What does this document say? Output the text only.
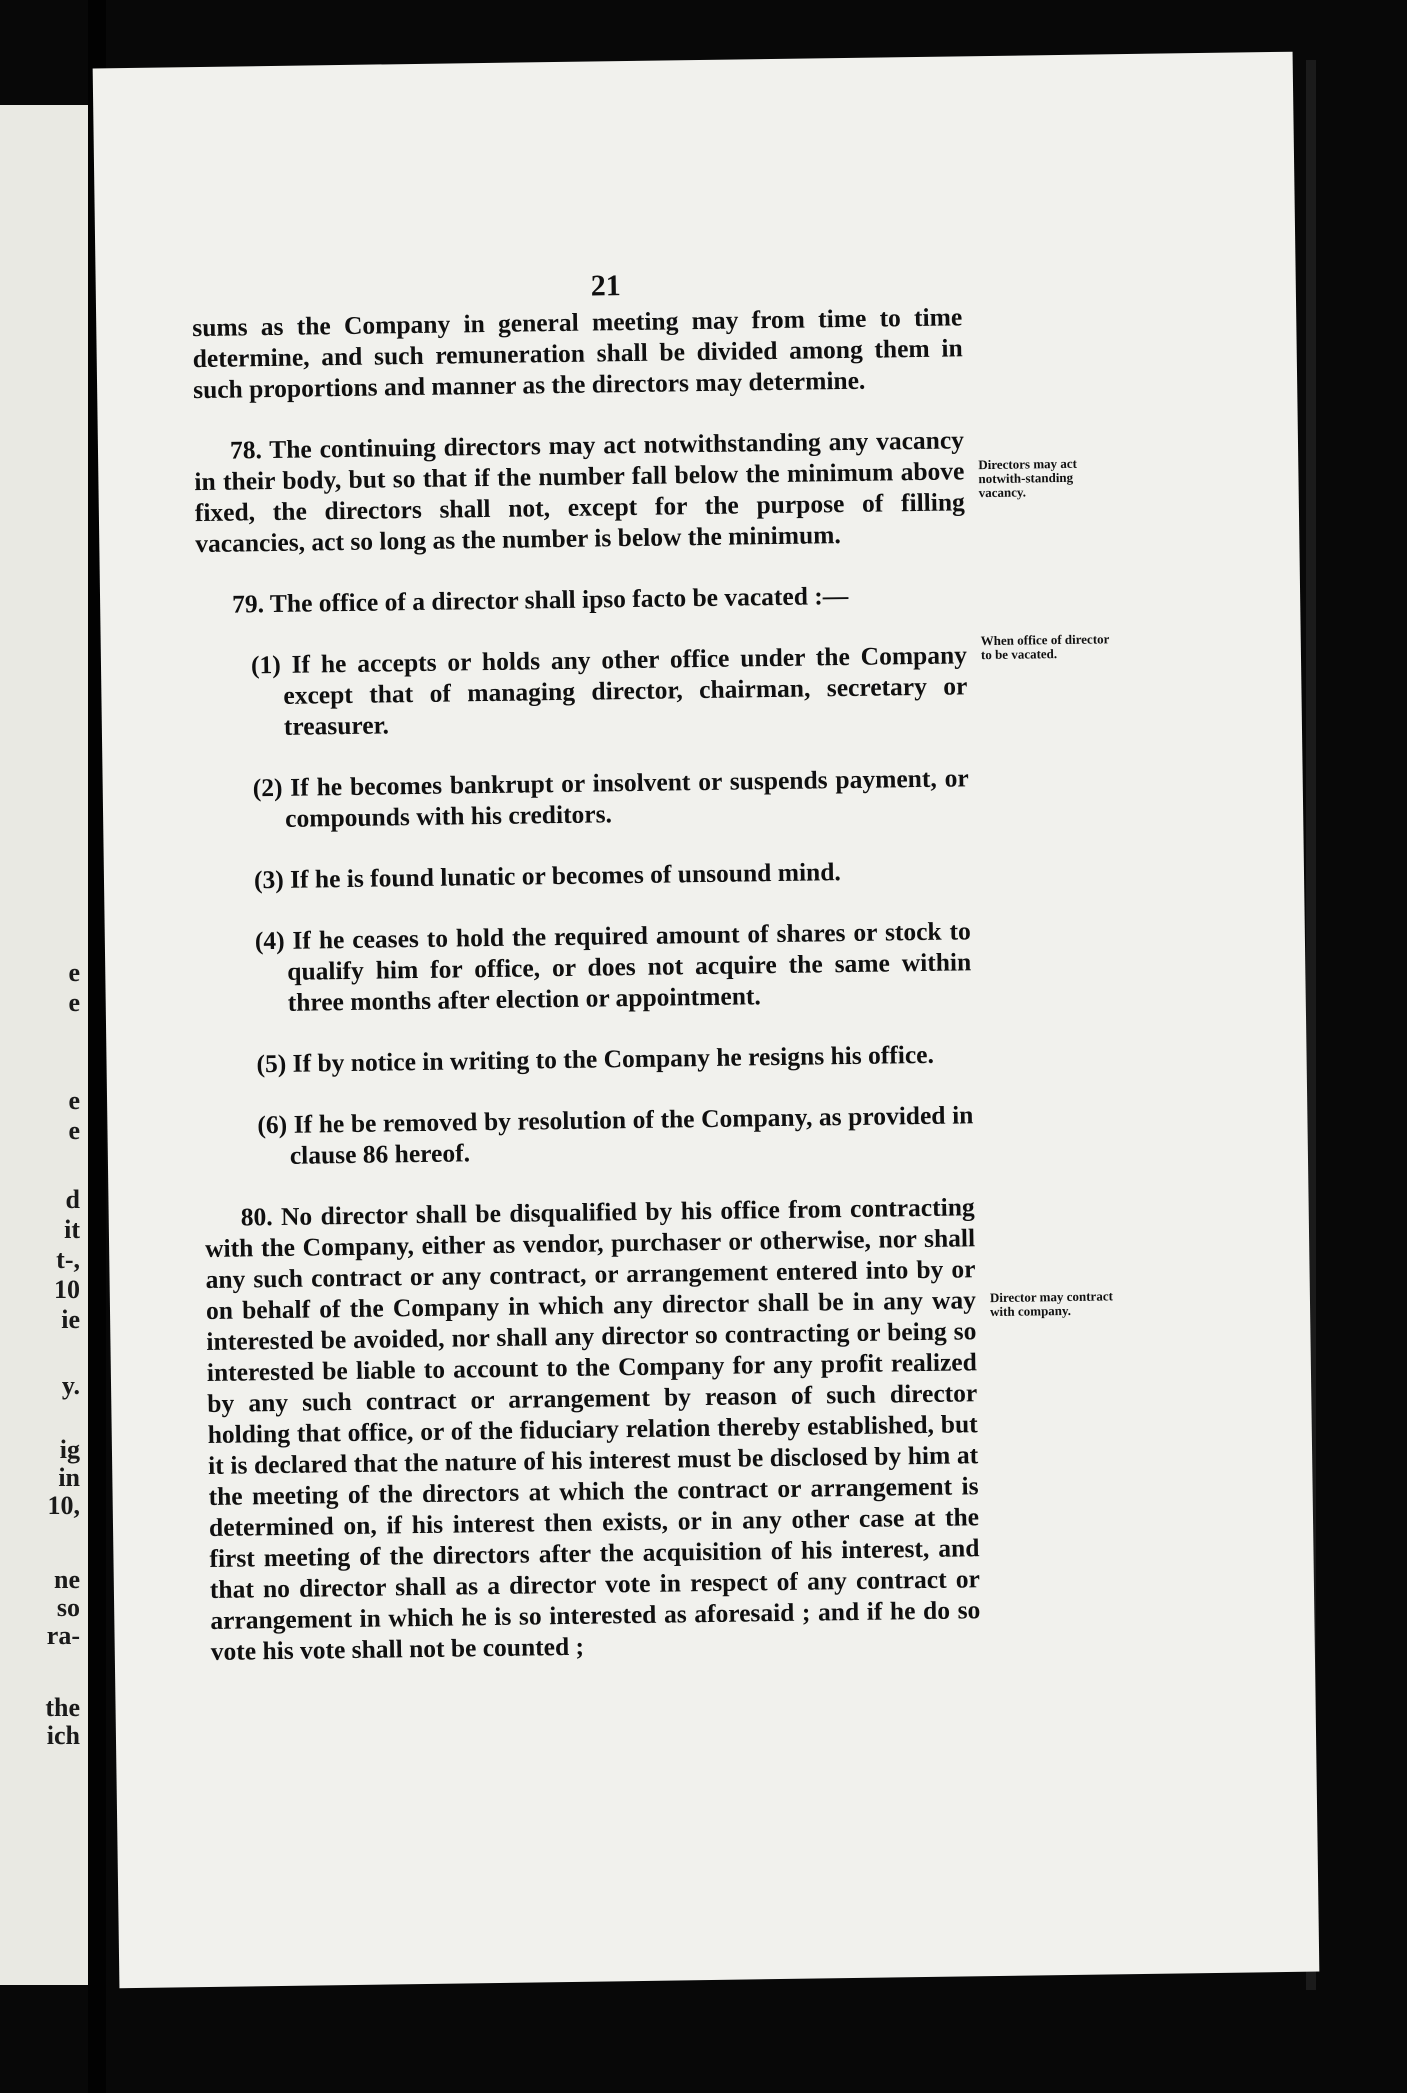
e
e
e
e
d
it
t-,
10
ie
y.
ig
in
10,
ne
so
ra-
the
ich
21

sums as the Company in general meeting may from time to time determine, and such remuneration shall be divided among them in such proportions and manner as the directors may determine.

78. The continuing directors may act notwithstanding any vacancy in their body, but so that if the number fall below the minimum above fixed, the directors shall not, except for the purpose of filling vacancies, act so long as the number is below the minimum.

79. The office of a director shall ipso facto be vacated :—

(1) If he accepts or holds any other office under the Company except that of managing director, chairman, secretary or treasurer.

(2) If he becomes bankrupt or insolvent or suspends payment, or compounds with his creditors.

(3) If he is found lunatic or becomes of unsound mind.

(4) If he ceases to hold the required amount of shares or stock to qualify him for office, or does not acquire the same within three months after election or appointment.

(5) If by notice in writing to the Company he resigns his office.

(6) If he be removed by resolution of the Company, as provided in clause 86 hereof.

80. No director shall be disqualified by his office from contracting with the Company, either as vendor, purchaser or otherwise, nor shall any such contract or any contract, or arrangement entered into by or on behalf of the Company in which any director shall be in any way interested be avoided, nor shall any director so contracting or being so interested be liable to account to the Company for any profit realized by any such contract or arrangement by reason of such director holding that office, or of the fiduciary relation thereby established, but it is declared that the nature of his interest must be disclosed by him at the meeting of the directors at which the contract or arrangement is determined on, if his interest then exists, or in any other case at the first meeting of the directors after the acquisition of his interest, and that no director shall as a director vote in respect of any contract or arrangement in which he is so interested as aforesaid ; and if he do so vote his vote shall not be counted ;

Directors may act notwith-standing vacancy.
When office of director to be vacated.
Director may contract with company.
